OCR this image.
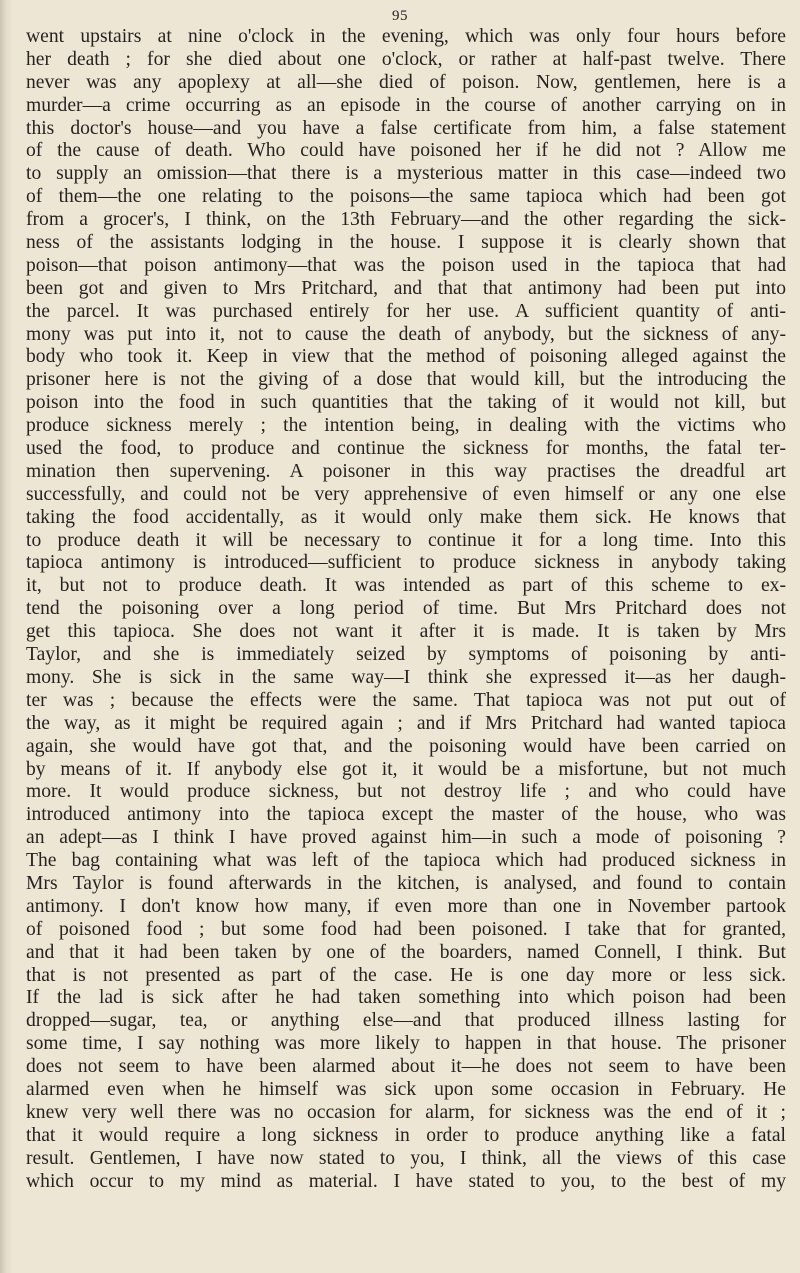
95
went upstairs at nine o'clock in the evening, which was only four hours before
her death ; for she died about one o'clock, or rather at half-past twelve. There
never was any apoplexy at all—she died of poison. Now, gentlemen, here is a
murder—a crime occurring as an episode in the course of another carrying on in
this doctor's house—and you have a false certificate from him, a false statement
of the cause of death. Who could have poisoned her if he did not ? Allow me
to supply an omission—that there is a mysterious matter in this case—indeed two
of them—the one relating to the poisons—the same tapioca which had been got
from a grocer's, I think, on the 13th February—and the other regarding the sick-
ness of the assistants lodging in the house. I suppose it is clearly shown that
poison—that poison antimony—that was the poison used in the tapioca that had
been got and given to Mrs Pritchard, and that that antimony had been put into
the parcel. It was purchased entirely for her use. A sufficient quantity of anti-
mony was put into it, not to cause the death of anybody, but the sickness of any-
body who took it. Keep in view that the method of poisoning alleged against the
prisoner here is not the giving of a dose that would kill, but the introducing the
poison into the food in such quantities that the taking of it would not kill, but
produce sickness merely ; the intention being, in dealing with the victims who
used the food, to produce and continue the sickness for months, the fatal ter-
mination then supervening. A poisoner in this way practises the dreadful art
successfully, and could not be very apprehensive of even himself or any one else
taking the food accidentally, as it would only make them sick. He knows that
to produce death it will be necessary to continue it for a long time. Into this
tapioca antimony is introduced—sufficient to produce sickness in anybody taking
it, but not to produce death. It was intended as part of this scheme to ex-
tend the poisoning over a long period of time. But Mrs Pritchard does not
get this tapioca. She does not want it after it is made. It is taken by Mrs
Taylor, and she is immediately seized by symptoms of poisoning by anti-
mony. She is sick in the same way—I think she expressed it—as her daugh-
ter was ; because the effects were the same. That tapioca was not put out of
the way, as it might be required again ; and if Mrs Pritchard had wanted tapioca
again, she would have got that, and the poisoning would have been carried on
by means of it. If anybody else got it, it would be a misfortune, but not much
more. It would produce sickness, but not destroy life ; and who could have
introduced antimony into the tapioca except the master of the house, who was
an adept—as I think I have proved against him—in such a mode of poisoning ?
The bag containing what was left of the tapioca which had produced sickness in
Mrs Taylor is found afterwards in the kitchen, is analysed, and found to contain
antimony. I don't know how many, if even more than one in November partook
of poisoned food ; but some food had been poisoned. I take that for granted,
and that it had been taken by one of the boarders, named Connell, I think. But
that is not presented as part of the case. He is one day more or less sick.
If the lad is sick after he had taken something into which poison had been
dropped—sugar, tea, or anything else—and that produced illness lasting for
some time, I say nothing was more likely to happen in that house. The prisoner
does not seem to have been alarmed about it—he does not seem to have been
alarmed even when he himself was sick upon some occasion in February. He
knew very well there was no occasion for alarm, for sickness was the end of it ;
that it would require a long sickness in order to produce anything like a fatal
result. Gentlemen, I have now stated to you, I think, all the views of this case
which occur to my mind as material. I have stated to you, to the best of my
